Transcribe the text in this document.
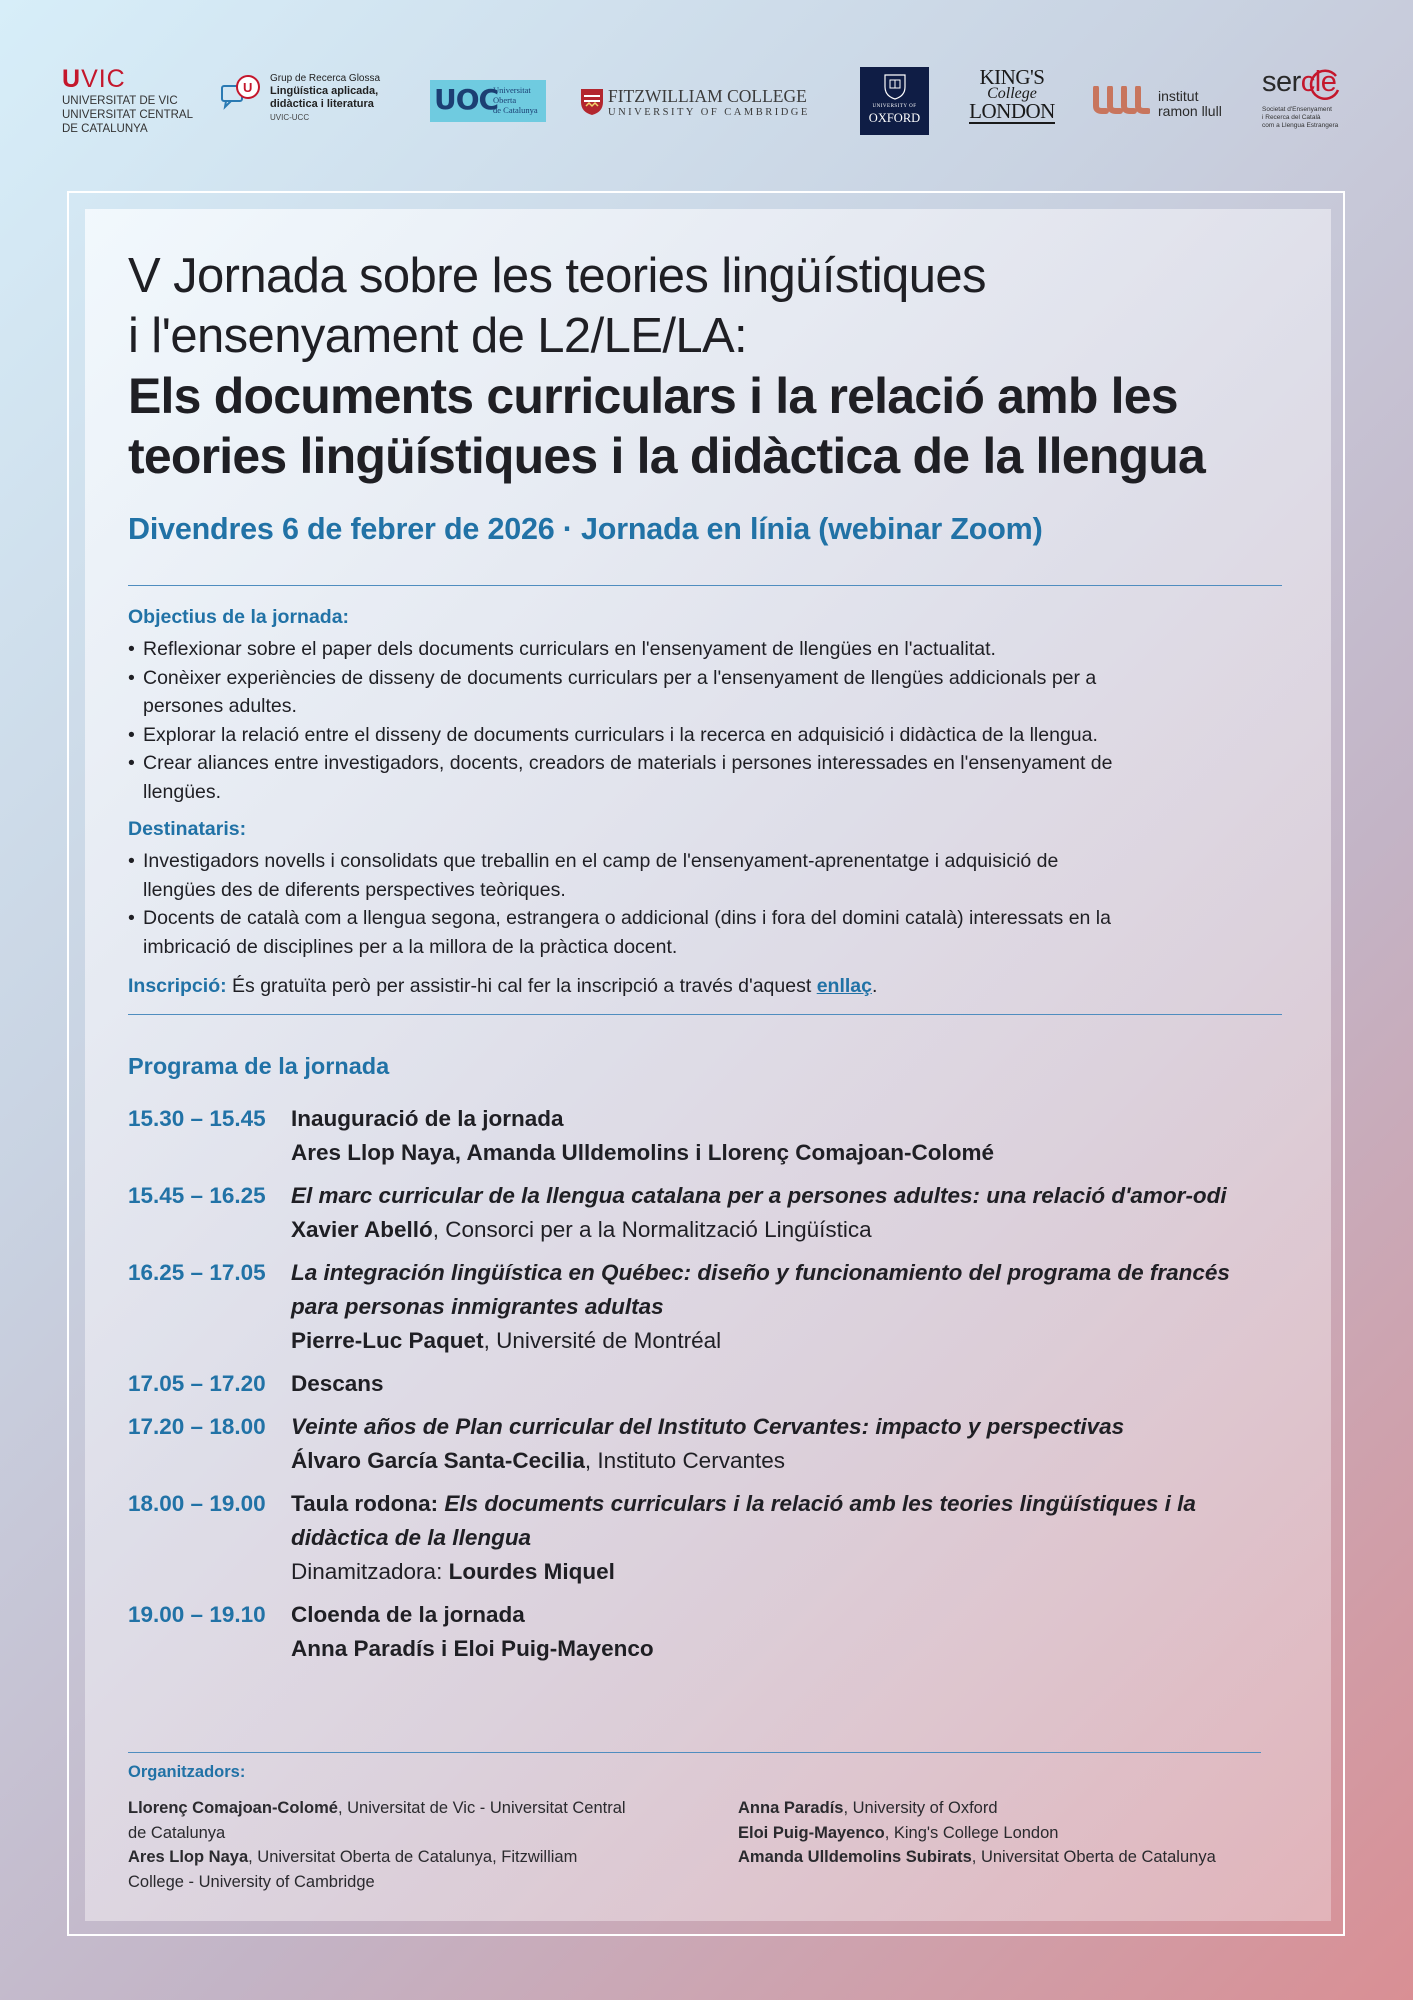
UVIC
UNIVERSITAT DE VIC
UNIVERSITAT CENTRAL
DE CATALUNYA
U
Grup de Recerca Glossa
Lingüística aplicada,
didàctica i literatura
UVIC-UCC
UOC
Universitat
Oberta
de Catalunya
FITZWILLIAM COLLEGE
UNIVERSITY OF CAMBRIDGE
UNIVERSITY OF
OXFORD
KING'S
College
LONDON
institut
ramon llull
sercle
Societat d'Ensenyament
i Recerca del Català
com a Llengua Estrangera
V Jornada sobre les teories lingüístiques
i l'ensenyament de L2/LE/LA:
Els documents curriculars i la relació amb les
teories lingüístiques i la didàctica de la llengua
Divendres 6 de febrer de 2026 · Jornada en línia (webinar Zoom)
Objectius de la jornada:
• Reflexionar sobre el paper dels documents curriculars en l'ensenyament de llengües en l'actualitat.
• Conèixer experiències de disseny de documents curriculars per a l'ensenyament de llengües addicionals per a
persones adultes.
• Explorar la relació entre el disseny de documents curriculars i la recerca en adquisició i didàctica de la llengua.
• Crear aliances entre investigadors, docents, creadors de materials i persones interessades en l'ensenyament de
llengües.
Destinataris:
• Investigadors novells i consolidats que treballin en el camp de l'ensenyament-aprenentatge i adquisició de
llengües des de diferents perspectives teòriques.
• Docents de català com a llengua segona, estrangera o addicional (dins i fora del domini català) interessats en la
imbricació de disciplines per a la millora de la pràctica docent.
Inscripció: És gratuïta però per assistir-hi cal fer la inscripció a través d'aquest enllaç.
Programa de la jornada
15.30 – 15.45	Inauguració de la jornada
Ares Llop Naya, Amanda Ulldemolins i Llorenç Comajoan-Colomé
15.45 – 16.25	El marc curricular de la llengua catalana per a persones adultes: una relació d'amor-odi
Xavier Abelló, Consorci per a la Normalització Lingüística
16.25 – 17.05	La integración lingüística en Québec: diseño y funcionamiento del programa de francés
para personas inmigrantes adultas
Pierre-Luc Paquet, Université de Montréal
17.05 – 17.20	Descans
17.20 – 18.00	Veinte años de Plan curricular del Instituto Cervantes: impacto y perspectivas
Álvaro García Santa-Cecilia, Instituto Cervantes
18.00 – 19.00	Taula rodona: Els documents curriculars i la relació amb les teories lingüístiques i la
didàctica de la llengua
Dinamitzadora: Lourdes Miquel
19.00 – 19.10	Cloenda de la jornada
Anna Paradís i Eloi Puig-Mayenco
Organitzadors:
Llorenç Comajoan-Colomé, Universitat de Vic - Universitat Central
de Catalunya
Ares Llop Naya, Universitat Oberta de Catalunya, Fitzwilliam
College - University of Cambridge
Anna Paradís, University of Oxford
Eloi Puig-Mayenco, King's College London
Amanda Ulldemolins Subirats, Universitat Oberta de Catalunya
